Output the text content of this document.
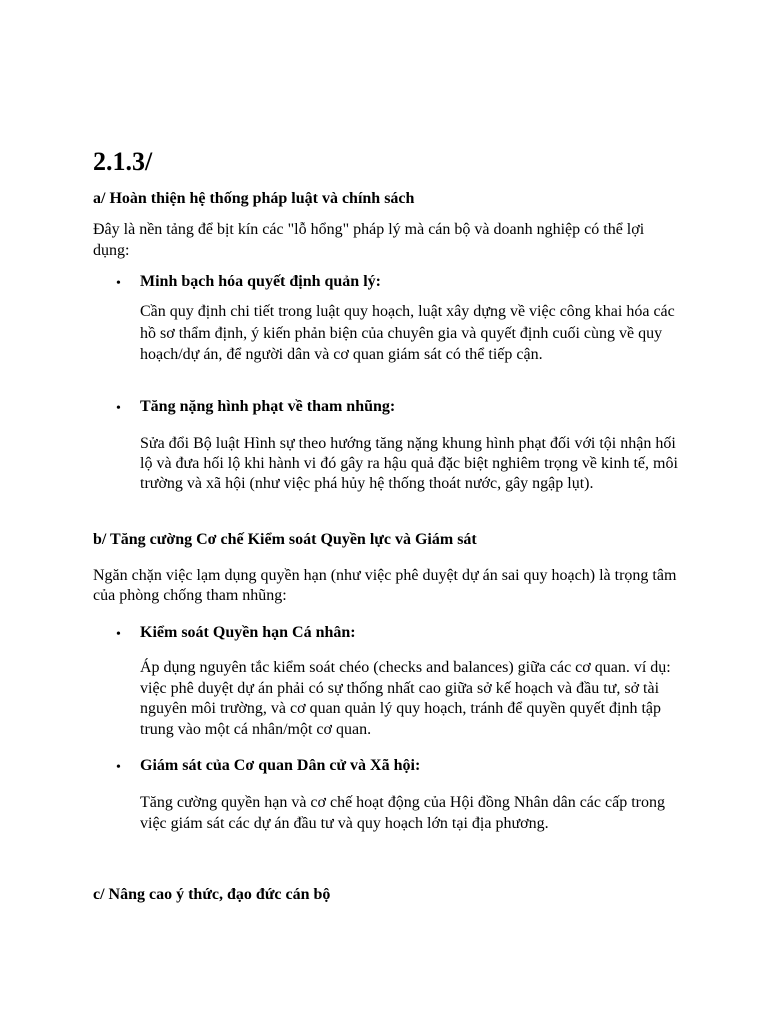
2.1.3/
a/ Hoàn thiện hệ thống pháp luật và chính sách

Đây là nền tảng để bịt kín các "lỗ hổng" pháp lý mà cán bộ và doanh nghiệp có thể lợi dụng:

• Minh bạch hóa quyết định quản lý:

Cần quy định chi tiết trong luật quy hoạch, luật xây dựng về việc công khai hóa các hồ sơ thẩm định, ý kiến phản biện của chuyên gia và quyết định cuối cùng về quy hoạch/dự án, để người dân và cơ quan giám sát có thể tiếp cận.

• Tăng nặng hình phạt về tham nhũng:

Sửa đổi Bộ luật Hình sự theo hướng tăng nặng khung hình phạt đối với tội nhận hối lộ và đưa hối lộ khi hành vi đó gây ra hậu quả đặc biệt nghiêm trọng về kinh tế, môi trường và xã hội (như việc phá hủy hệ thống thoát nước, gây ngập lụt).

b/ Tăng cường Cơ chế Kiểm soát Quyền lực và Giám sát

Ngăn chặn việc lạm dụng quyền hạn (như việc phê duyệt dự án sai quy hoạch) là trọng tâm của phòng chống tham nhũng:

• Kiểm soát Quyền hạn Cá nhân:

Áp dụng nguyên tắc kiểm soát chéo (checks and balances) giữa các cơ quan. ví dụ: việc phê duyệt dự án phải có sự thống nhất cao giữa sở kế hoạch và đầu tư, sở tài nguyên môi trường, và cơ quan quản lý quy hoạch, tránh để quyền quyết định tập trung vào một cá nhân/một cơ quan.

• Giám sát của Cơ quan Dân cử và Xã hội:

Tăng cường quyền hạn và cơ chế hoạt động của Hội đồng Nhân dân các cấp trong việc giám sát các dự án đầu tư và quy hoạch lớn tại địa phương.

c/ Nâng cao ý thức, đạo đức cán bộ
